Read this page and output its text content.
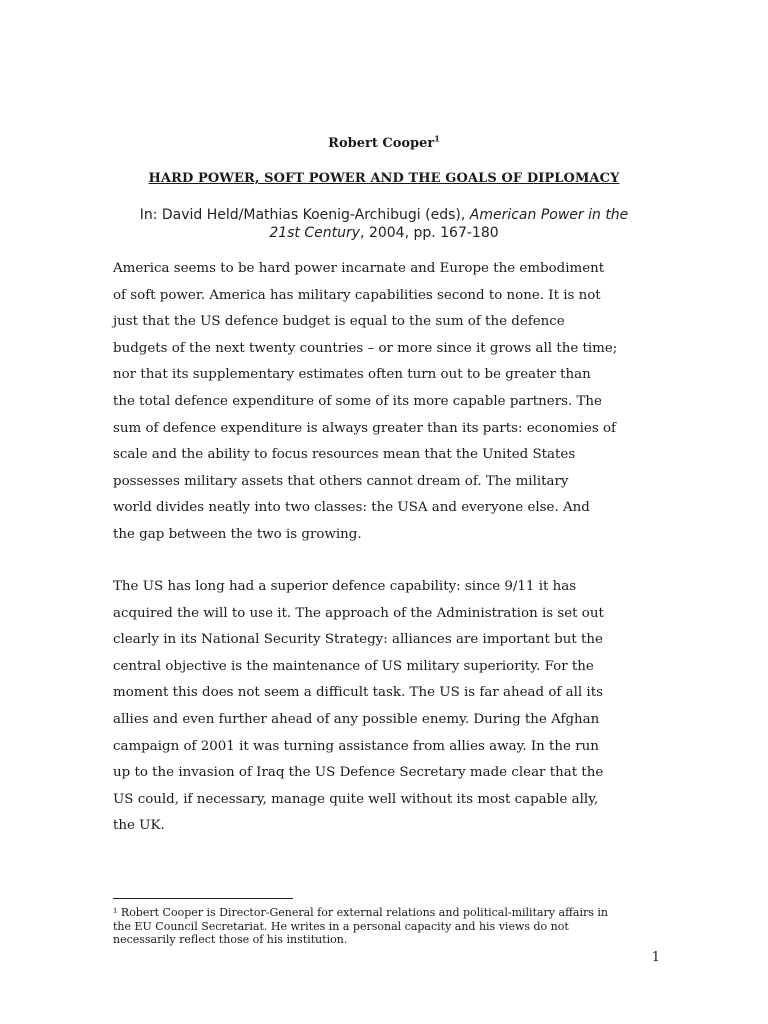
Robert Cooper$^1$
HARD POWER, SOFT POWER AND THE GOALS OF DIPLOMACY
In: David Held/Mathias Koenig-Archibugi (eds), American Power in the
21st Century, 2004, pp. 167-180

America seems to be hard power incarnate and Europe the embodiment

of soft power. America has military capabilities second to none. It is not

just that the US defence budget is equal to the sum of the defence

budgets of the next twenty countries – or more since it grows all the time;

nor that its supplementary estimates often turn out to be greater than

the total defence expenditure of some of its more capable partners. The

sum of defence expenditure is always greater than its parts: economies of

scale and the ability to focus resources mean that the United States

possesses military assets that others cannot dream of. The military

world divides neatly into two classes: the USA and everyone else. And

the gap between the two is growing.

The US has long had a superior defence capability: since 9/11 it has

acquired the will to use it. The approach of the Administration is set out

clearly in its National Security Strategy: alliances are important but the

central objective is the maintenance of US military superiority. For the

moment this does not seem a difficult task. The US is far ahead of all its

allies and even further ahead of any possible enemy. During the Afghan

campaign of 2001 it was turning assistance from allies away. In the run

up to the invasion of Iraq the US Defence Secretary made clear that the

US could, if necessary, manage quite well without its most capable ally,

the UK.

¹ Robert Cooper is Director-General for external relations and political-military affairs in

the EU Council Secretariat. He writes in a personal capacity and his views do not

necessarily reflect those of his institution.

1
